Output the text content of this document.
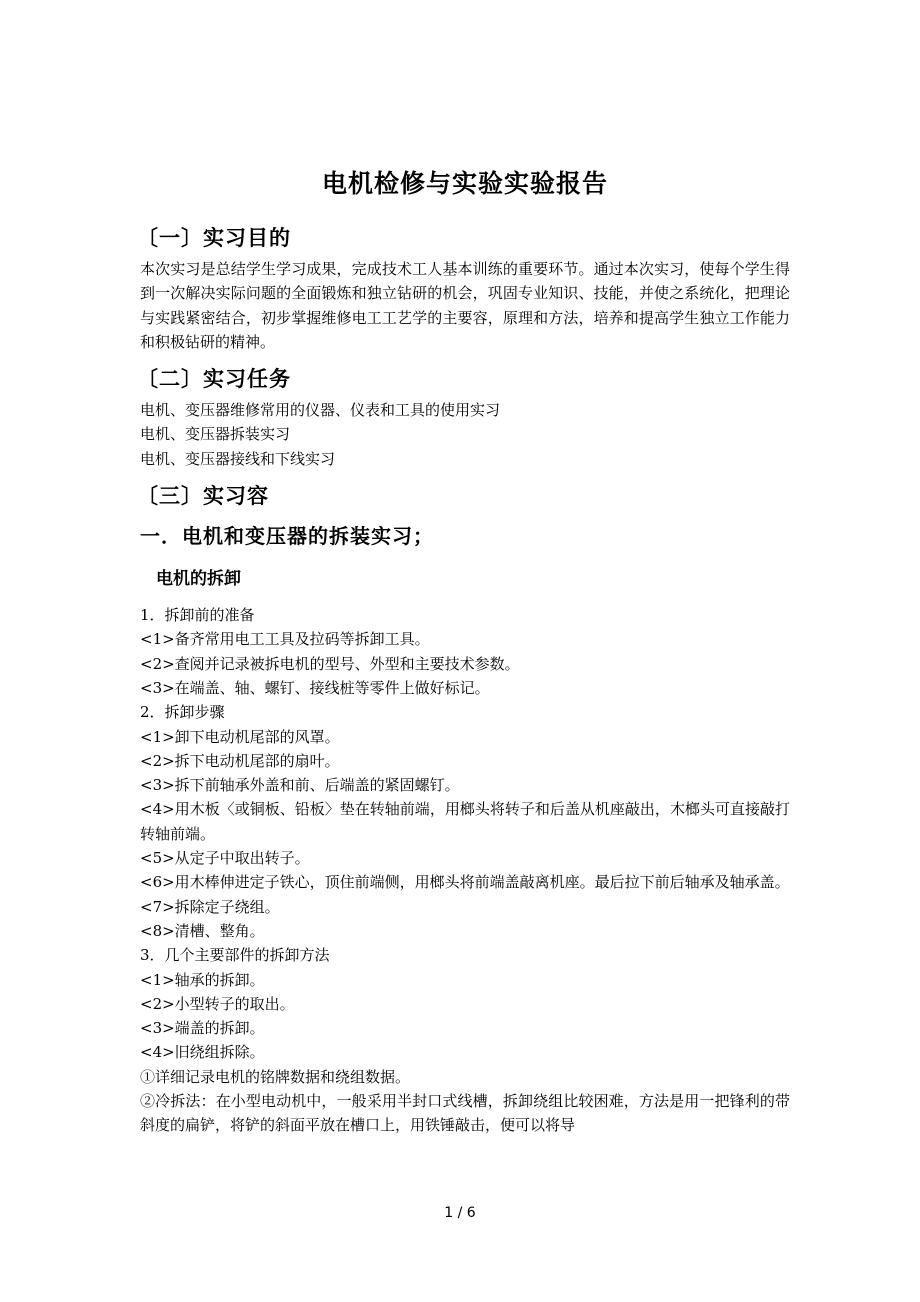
电机检修与实验实验报告
〔一〕实习目的

本次实习是总结学生学习成果，完成技术工人基本训练的重要环节。通过本次实习，使每个学生得到一次解决实际问题的全面锻炼和独立钻研的机会，巩固专业知识、技能，并使之系统化，把理论与实践紧密结合，初步掌握维修电工工艺学的主要容，原理和方法，培养和提高学生独立工作能力和积极钻研的精神。

〔二〕实习任务

电机、变压器维修常用的仪器、仪表和工具的使用实习

电机、变压器拆装实习

电机、变压器接线和下线实习

〔三〕实习容
一．电机和变压器的拆装实习；
电机的拆卸

1．拆卸前的准备

<1>备齐常用电工工具及拉码等拆卸工具。

<2>查阅并记录被拆电机的型号、外型和主要技术参数。

<3>在端盖、轴、螺钉、接线桩等零件上做好标记。

2．拆卸步骤

<1>卸下电动机尾部的风罩。

<2>拆下电动机尾部的扇叶。

<3>拆下前轴承外盖和前、后端盖的紧固螺钉。

<4>用木板〈或铜板、铅板〉垫在转轴前端，用榔头将转子和后盖从机座敲出，木榔头可直接敲打转轴前端。

<5>从定子中取出转子。

<6>用木棒伸进定子铁心，顶住前端侧，用榔头将前端盖敲离机座。最后拉下前后轴承及轴承盖。

<7>拆除定子绕组。

<8>清槽、整角。

3．几个主要部件的拆卸方法

<1>轴承的拆卸。

<2>小型转子的取出。

<3>端盖的拆卸。

<4>旧绕组拆除。

①详细记录电机的铭牌数据和绕组数据。

②冷拆法：在小型电动机中，一般采用半封口式线槽，拆卸绕组比较困难，方法是用一把锋利的带斜度的扁铲，将铲的斜面平放在槽口上，用铁锤敲击，便可以将导

1 / 6
